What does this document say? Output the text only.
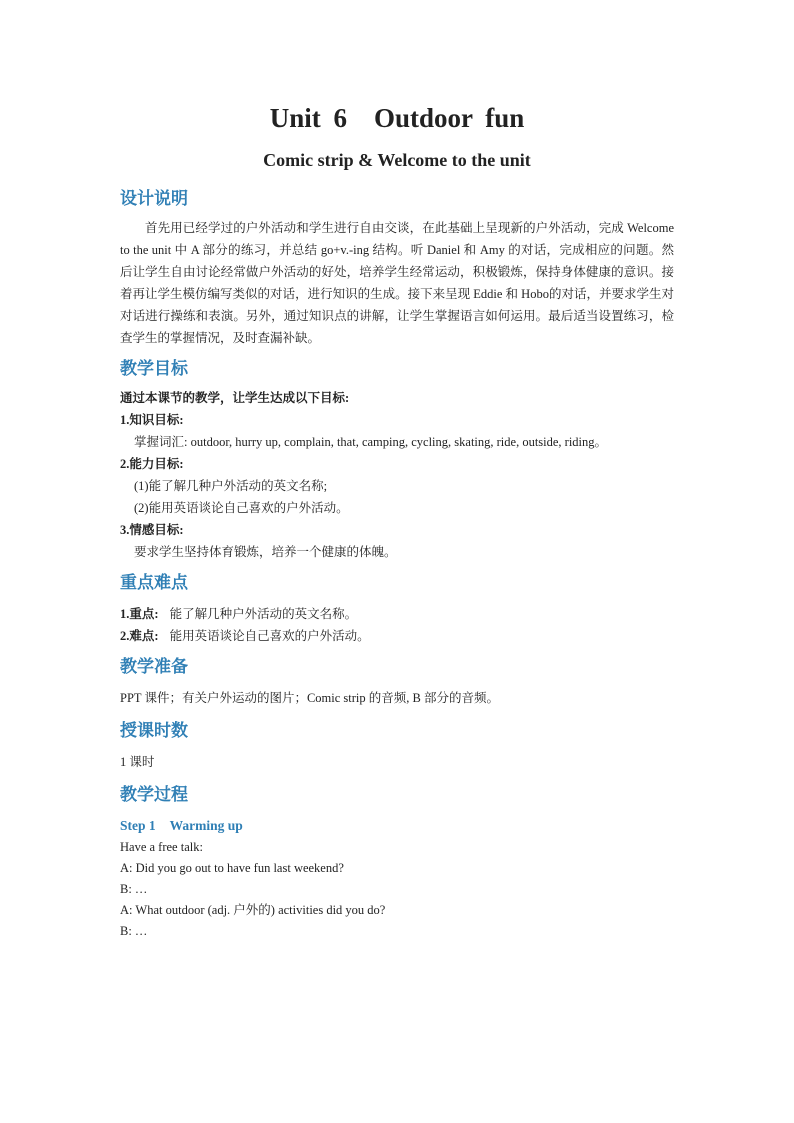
Unit 6　Outdoor fun
Comic strip & Welcome to the unit
设计说明

首先用已经学过的户外活动和学生进行自由交谈，在此基础上呈现新的户外活动，完成 Welcome to the unit 中 A 部分的练习，并总结 go+v.-ing 结构。听 Daniel 和 Amy 的对话，完成相应的问题。然后让学生自由讨论经常做户外活动的好处，培养学生经常运动，积极锻炼，保持身体健康的意识。接着再让学生模仿编写类似的对话，进行知识的生成。接下来呈现 Eddie 和 Hobo的对话，并要求学生对对话进行操练和表演。另外，通过知识点的讲解，让学生掌握语言如何运用。最后适当设置练习，检查学生的掌握情况，及时查漏补缺。

教学目标

通过本课节的教学，让学生达成以下目标:

1.知识目标:

掌握词汇: outdoor, hurry up, complain, that, camping, cycling, skating, ride, outside, riding。

2.能力目标:

(1)能了解几种户外活动的英文名称;

(2)能用英语谈论自己喜欢的户外活动。

3.情感目标:

要求学生坚持体育锻炼，培养一个健康的体魄。

重点难点

1.重点: 能了解几种户外活动的英文名称。

2.难点: 能用英语谈论自己喜欢的户外活动。

教学准备

PPT 课件；有关户外运动的图片；Comic strip 的音频, B 部分的音频。

授课时数

1 课时

教学过程

Step 1 Warming up

Have a free talk:

A: Did you go out to have fun last weekend?

B: …

A: What outdoor (adj. 户外的) activities did you do?

B: …
